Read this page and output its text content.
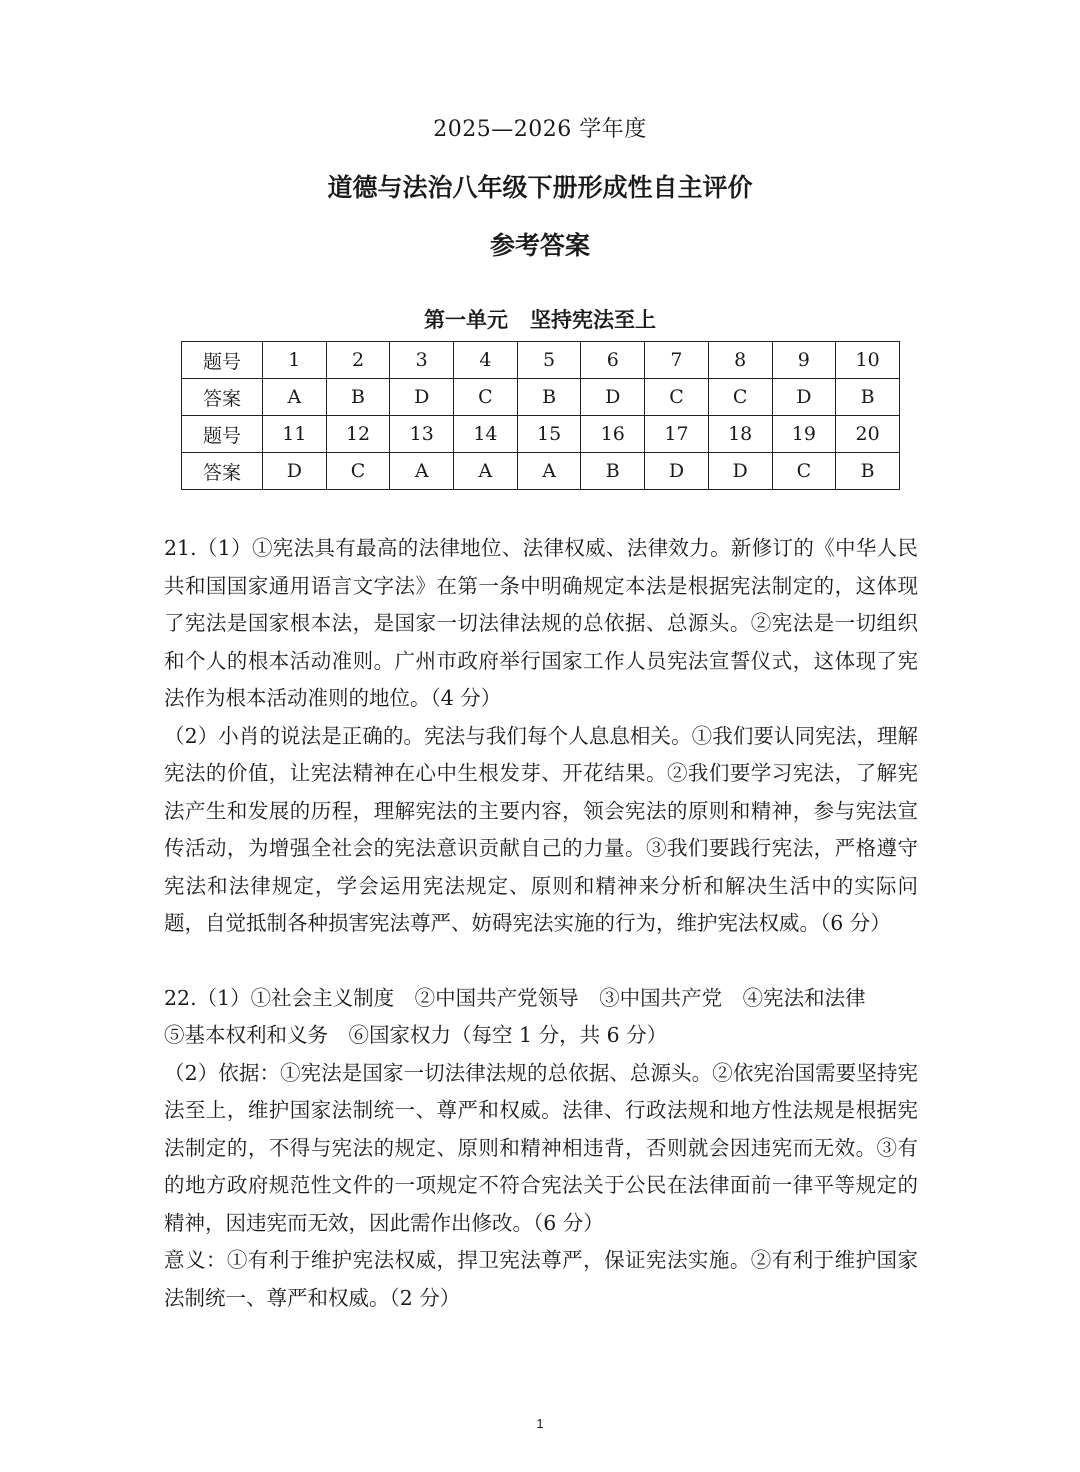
2025—2026 学年度
道德与法治八年级下册形成性自主评价
参考答案
第一单元   坚持宪法至上
题号	1	2	3	4	5	6	7	8	9	10
答案	A	B	D	C	B	D	C	C	D	B
题号	11	12	13	14	15	16	17	18	19	20
答案	D	C	A	A	A	B	D	D	C	B

21.（1）①宪法具有最高的法律地位、法律权威、法律效力。新修订的《中华人民共和国国家通用语言文字法》在第一条中明确规定本法是根据宪法制定的，这体现了宪法是国家根本法，是国家一切法律法规的总依据、总源头。②宪法是一切组织和个人的根本活动准则。广州市政府举行国家工作人员宪法宣誓仪式，这体现了宪法作为根本活动准则的地位。（4 分）

（2）小肖的说法是正确的。宪法与我们每个人息息相关。①我们要认同宪法，理解宪法的价值，让宪法精神在心中生根发芽、开花结果。②我们要学习宪法，了解宪法产生和发展的历程，理解宪法的主要内容，领会宪法的原则和精神，参与宪法宣传活动，为增强全社会的宪法意识贡献自己的力量。③我们要践行宪法，严格遵守宪法和法律规定，学会运用宪法规定、原则和精神来分析和解决生活中的实际问题，自觉抵制各种损害宪法尊严、妨碍宪法实施的行为，维护宪法权威。（6 分）

22.（1）①社会主义制度　②中国共产党领导　③中国共产党　④宪法和法律

⑤基本权利和义务　⑥国家权力（每空 1 分，共 6 分）

（2）依据：①宪法是国家一切法律法规的总依据、总源头。②依宪治国需要坚持宪法至上，维护国家法制统一、尊严和权威。法律、行政法规和地方性法规是根据宪法制定的，不得与宪法的规定、原则和精神相违背，否则就会因违宪而无效。③有的地方政府规范性文件的一项规定不符合宪法关于公民在法律面前一律平等规定的精神，因违宪而无效，因此需作出修改。（6 分）

意义：①有利于维护宪法权威，捍卫宪法尊严，保证宪法实施。②有利于维护国家法制统一、尊严和权威。（2 分）

1
